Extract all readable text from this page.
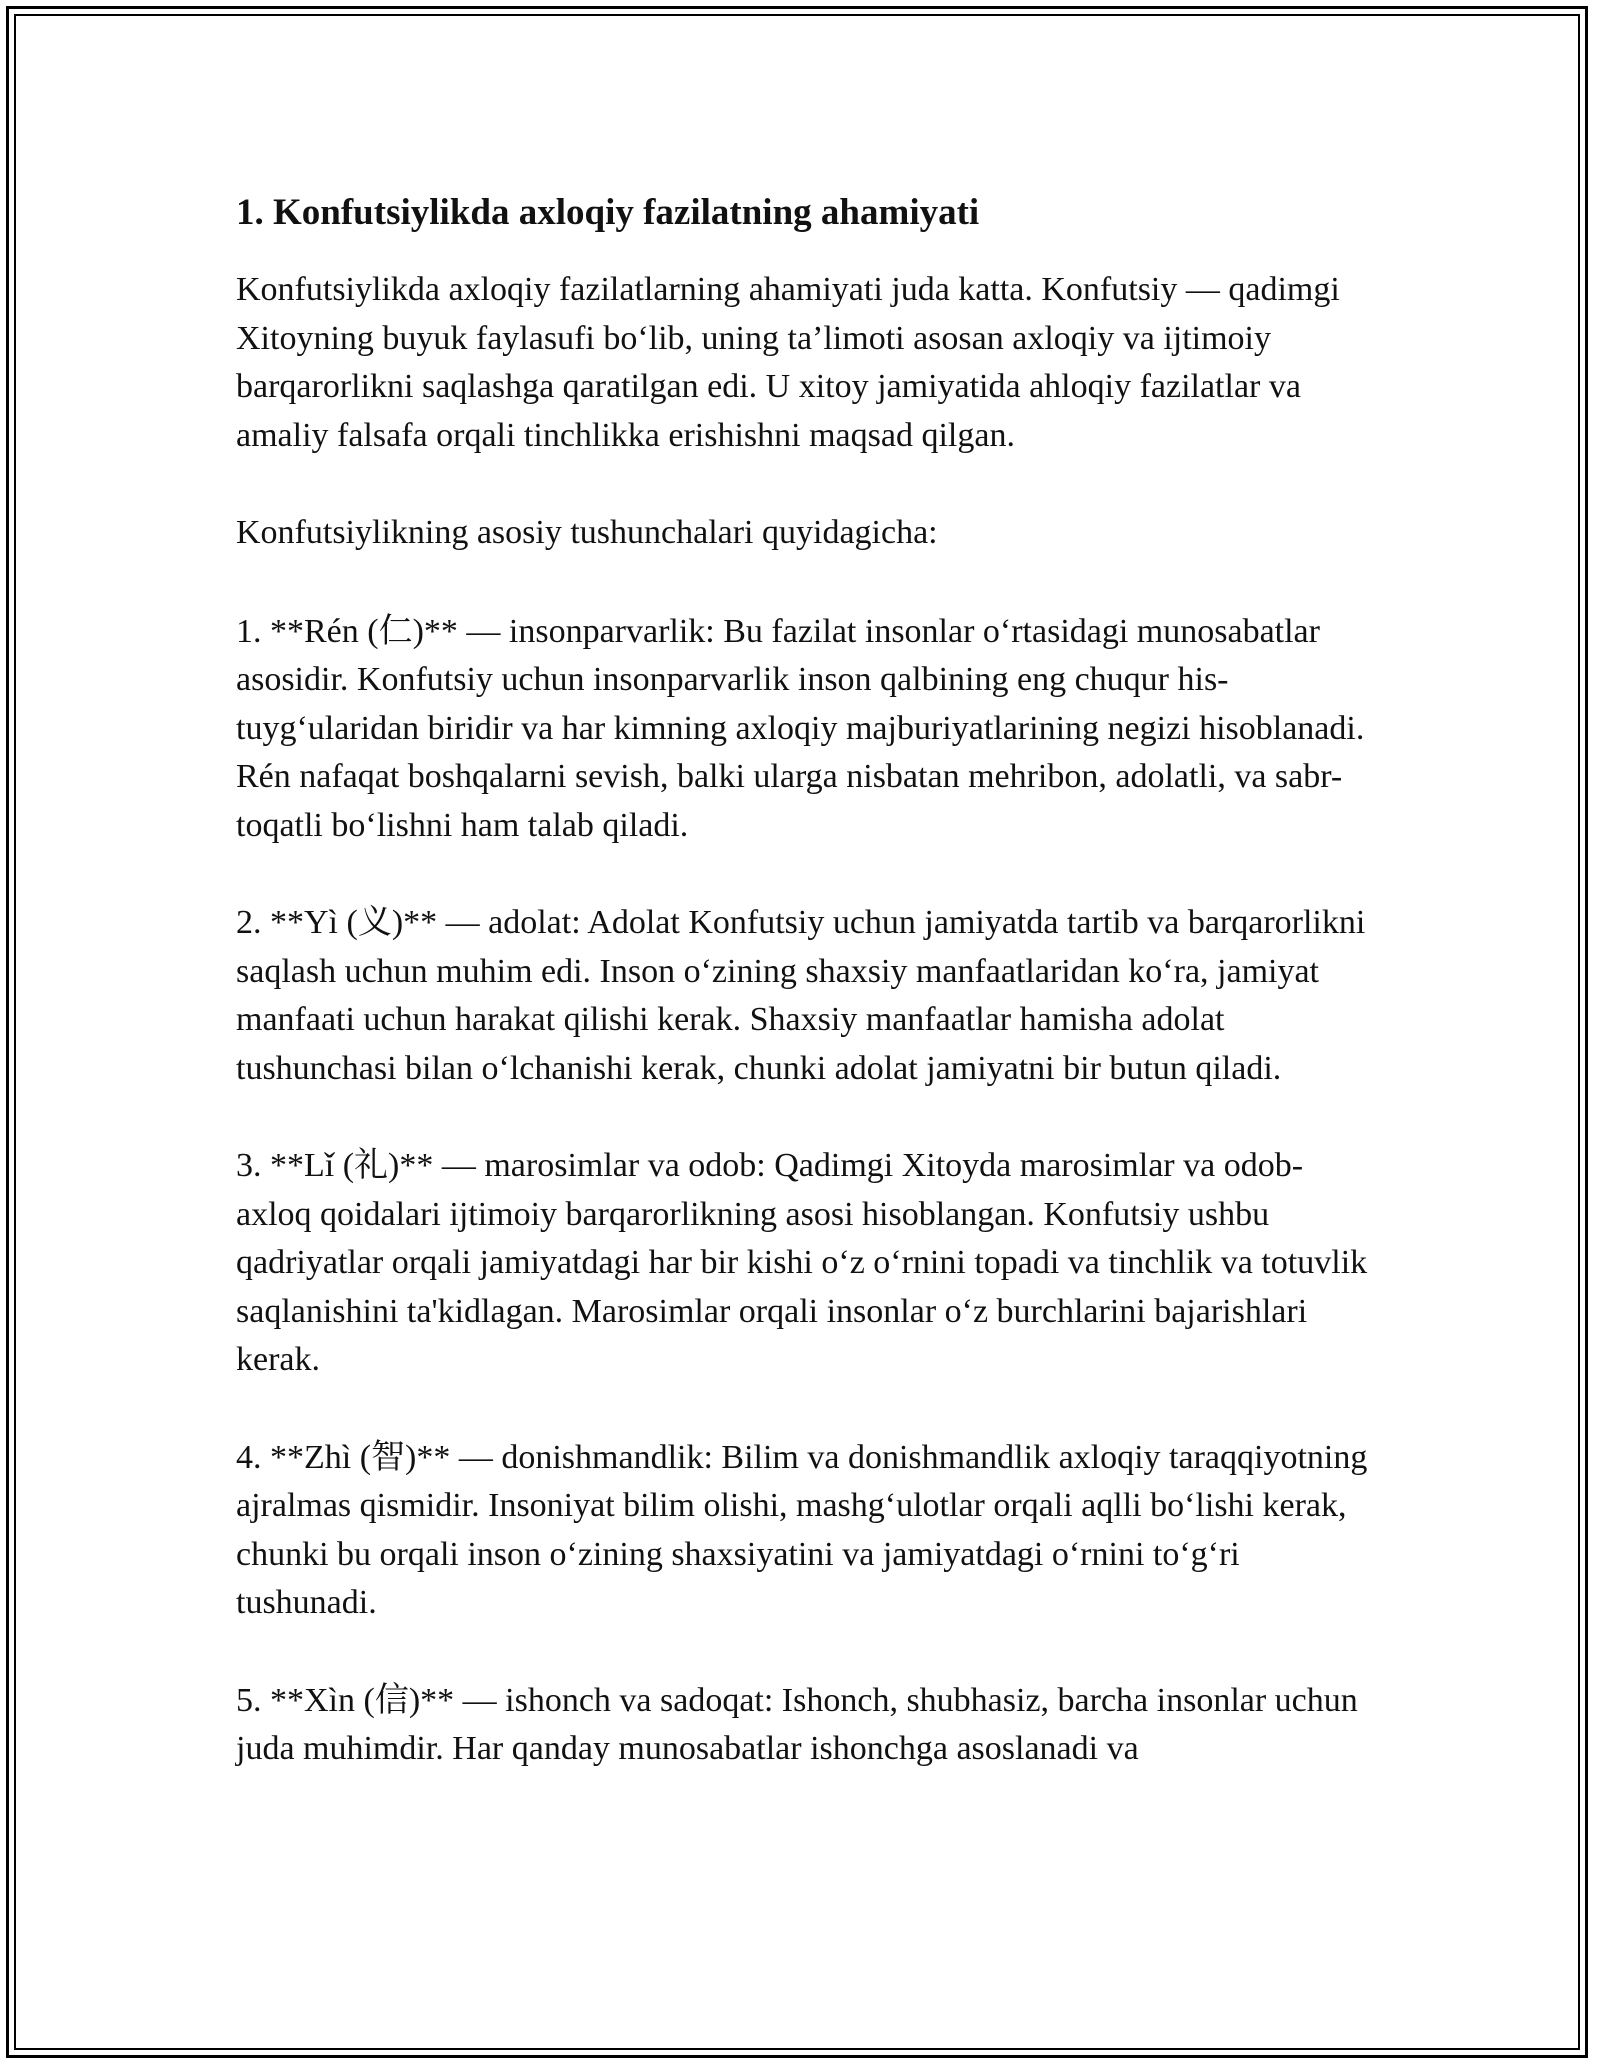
1. Konfutsiylikda axloqiy fazilatning ahamiyati

Konfutsiylikda axloqiy fazilatlarning ahamiyati juda katta. Konfutsiy — qadimgi Xitoyning buyuk faylasufi bo‘lib, uning ta’limoti asosan axloqiy va ijtimoiy barqarorlikni saqlashga qaratilgan edi. U xitoy jamiyatida ahloqiy fazilatlar va amaliy falsafa orqali tinchlikka erishishni maqsad qilgan.

Konfutsiylikning asosiy tushunchalari quyidagicha:

1. **Rén (仁)** — insonparvarlik: Bu fazilat insonlar o‘rtasidagi munosabatlar asosidir. Konfutsiy uchun insonparvarlik inson qalbining eng chuqur his-tuyg‘ularidan biridir va har kimning axloqiy majburiyatlarining negizi hisoblanadi. Rén nafaqat boshqalarni sevish, balki ularga nisbatan mehribon, adolatli, va sabr-toqatli bo‘lishni ham talab qiladi.

2. **Yì (义)** — adolat: Adolat Konfutsiy uchun jamiyatda tartib va barqarorlikni saqlash uchun muhim edi. Inson o‘zining shaxsiy manfaatlaridan ko‘ra, jamiyat manfaati uchun harakat qilishi kerak. Shaxsiy manfaatlar hamisha adolat tushunchasi bilan o‘lchanishi kerak, chunki adolat jamiyatni bir butun qiladi.

3. **Lǐ (礼)** — marosimlar va odob: Qadimgi Xitoyda marosimlar va odob-axloq qoidalari ijtimoiy barqarorlikning asosi hisoblangan. Konfutsiy ushbu qadriyatlar orqali jamiyatdagi har bir kishi o‘z o‘rnini topadi va tinchlik va totuvlik saqlanishini ta'kidlagan. Marosimlar orqali insonlar o‘z burchlarini bajarishlari kerak.

4. **Zhì (智)** — donishmandlik: Bilim va donishmandlik axloqiy taraqqiyotning ajralmas qismidir. Insoniyat bilim olishi, mashg‘ulotlar orqali aqlli bo‘lishi kerak, chunki bu orqali inson o‘zining shaxsiyatini va jamiyatdagi o‘rnini to‘g‘ri tushunadi.

5. **Xìn (信)** — ishonch va sadoqat: Ishonch, shubhasiz, barcha insonlar uchun juda muhimdir. Har qanday munosabatlar ishonchga asoslanadi va
